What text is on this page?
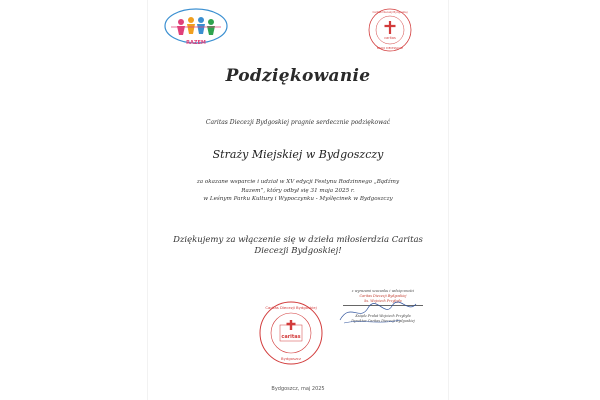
RAZEM
caritas
Caritas Diecezji Bydgoskiej
BIURO DIECEZJALNE
Podziękowanie
Caritas Diecezji Bydgoskiej pragnie serdecznie podziękować
Straży Miejskiej w Bydgoszczy
za okazane wsparcie i udział w XV edycji Festynu Rodzinnego „Bądźmy
Razem”, który odbył się 31 maja 2025 r.
w Leśnym Parku Kultury i Wypoczynku - Myślęcinek w Bydgoszczy
Dziękujemy za włączenie się w dzieła miłosierdzia Caritas
Diecezji Bydgoskiej!
caritas
Caritas Diecezji Bydgoskiej
Bydgoszcz
z wyrazami szacunku i wdzięczności
Caritas Diecezji Bydgoskiej
ks. Wojciech Przybyła
Ksiądz Prałat Wojciech Przybyła
Dyrektor Caritas Diecezji Bydgoskiej
Bydgoszcz, maj 2025
